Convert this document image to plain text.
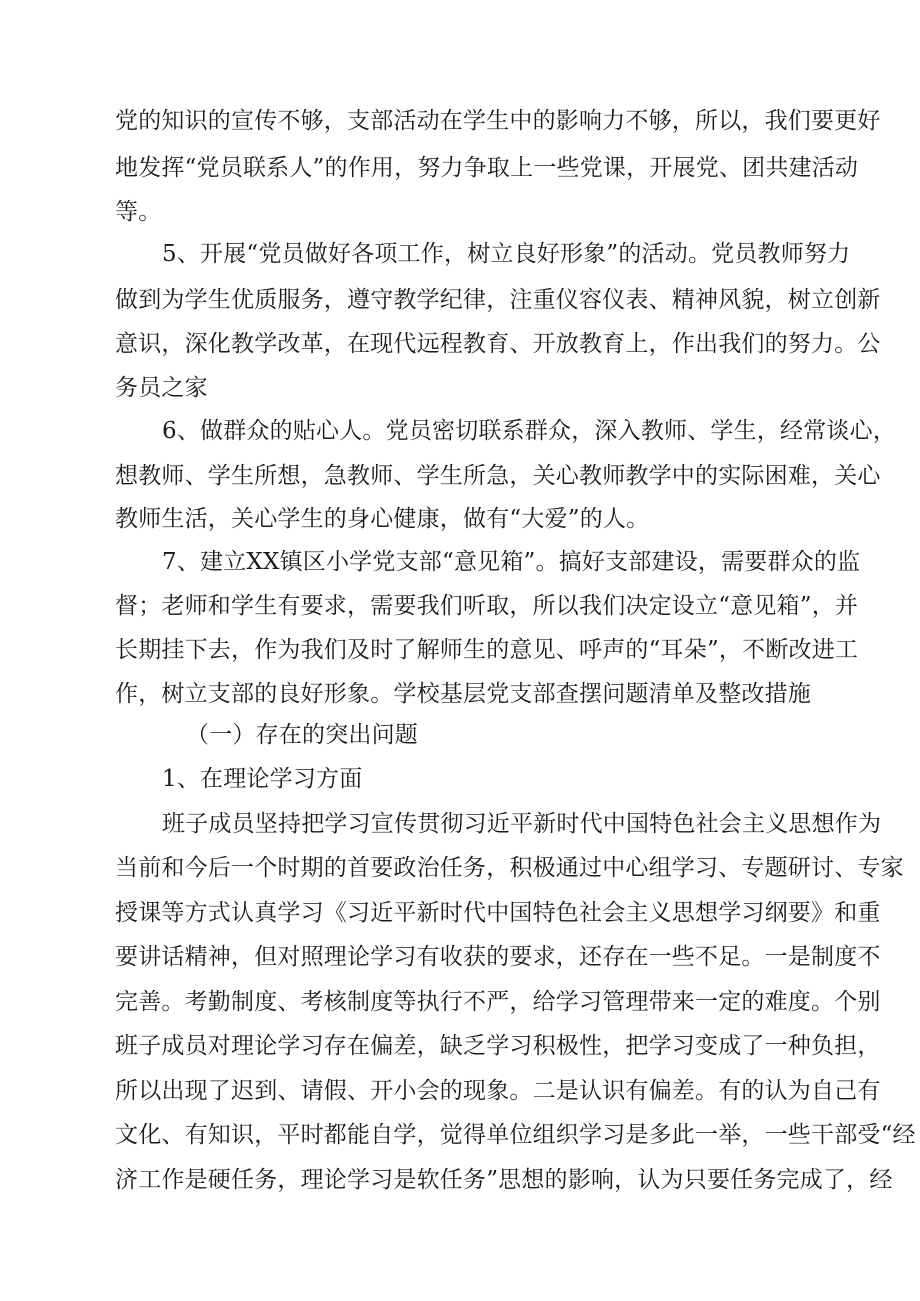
党的知识的宣传不够，支部活动在学生中的影响力不够，所以，我们要更好
地发挥“党员联系人”的作用，努力争取上一些党课，开展党、团共建活动
等。
5、开展“党员做好各项工作，树立良好形象”的活动。党员教师努力
做到为学生优质服务，遵守教学纪律，注重仪容仪表、精神风貌，树立创新
意识，深化教学改革，在现代远程教育、开放教育上，作出我们的努力。公
务员之家
6、做群众的贴心人。党员密切联系群众，深入教师、学生，经常谈心，
想教师、学生所想，急教师、学生所急，关心教师教学中的实际困难，关心
教师生活，关心学生的身心健康，做有“大爱”的人。
7、建立XX镇区小学党支部“意见箱”。搞好支部建设，需要群众的监
督；老师和学生有要求，需要我们听取，所以我们决定设立“意见箱”，并
长期挂下去，作为我们及时了解师生的意见、呼声的“耳朵”，不断改进工
作，树立支部的良好形象。学校基层党支部查摆问题清单及整改措施
（一）存在的突出问题
1、在理论学习方面
班子成员坚持把学习宣传贯彻习近平新时代中国特色社会主义思想作为
当前和今后一个时期的首要政治任务，积极通过中心组学习、专题研讨、专家
授课等方式认真学习《习近平新时代中国特色社会主义思想学习纲要》和重
要讲话精神，但对照理论学习有收获的要求，还存在一些不足。一是制度不
完善。考勤制度、考核制度等执行不严，给学习管理带来一定的难度。个别
班子成员对理论学习存在偏差，缺乏学习积极性，把学习变成了一种负担，
所以出现了迟到、请假、开小会的现象。二是认识有偏差。有的认为自己有
文化、有知识，平时都能自学，觉得单位组织学习是多此一举，一些干部受“经
济工作是硬任务，理论学习是软任务”思想的影响，认为只要任务完成了，经
